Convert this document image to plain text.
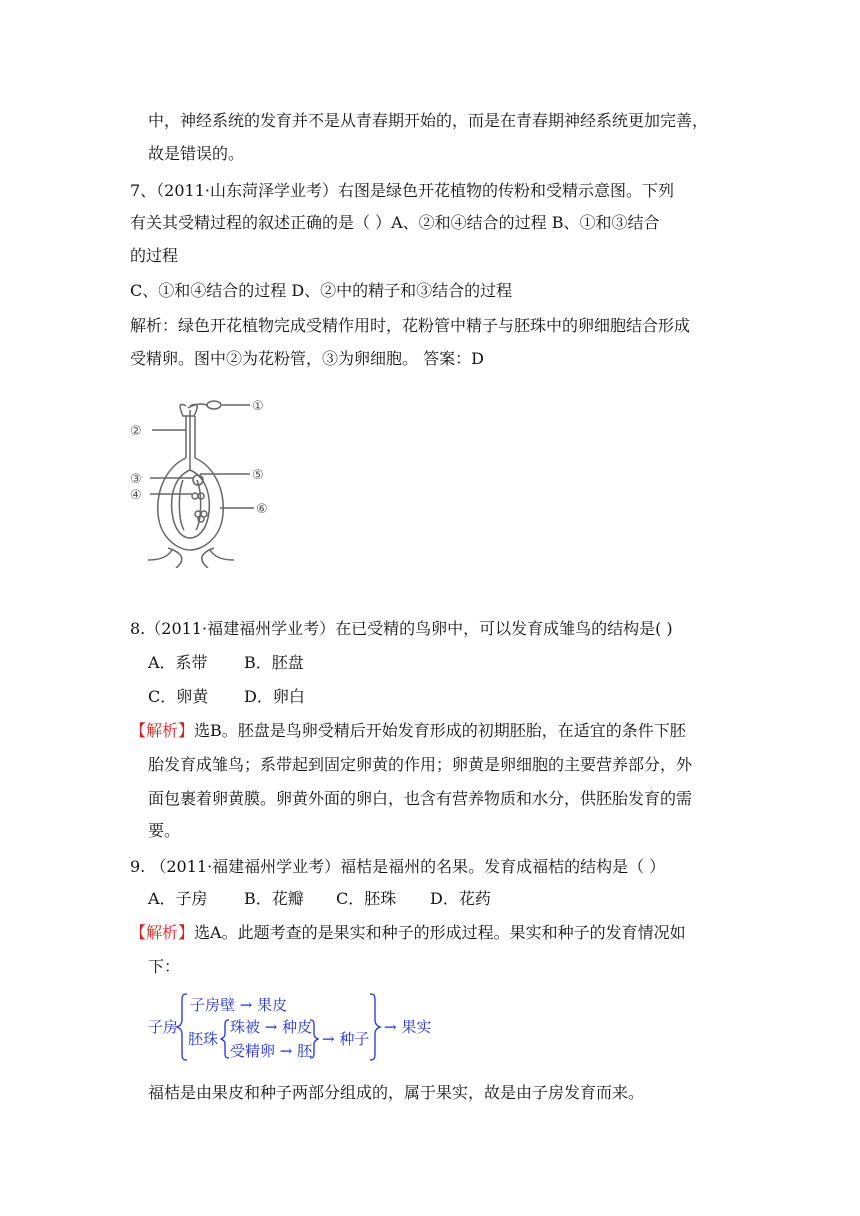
中，神经系统的发育并不是从青春期开始的，而是在青春期神经系统更加完善，
故是错误的。
7、（2011·山东菏泽学业考）右图是绿色开花植物的传粉和受精示意图。下列
有关其受精过程的叙述正确的是（ ）A、②和④结合的过程 B、①和③结合
的过程
C、①和④结合的过程 D、②中的精子和③结合的过程
解析：绿色开花植物完成受精作用时，花粉管中精子与胚珠中的卵细胞结合形成
受精卵。图中②为花粉管，③为卵细胞。 答案：D
①
②
③
④
⑤
⑥
8.（2011·福建福州学业考）在已受精的鸟卵中，可以发育成雏鸟的结构是( )
A．系带 B．胚盘
C．卵黄 D．卵白
【解析】选B。胚盘是鸟卵受精后开始发育形成的初期胚胎，在适宜的条件下胚
胎发育成雏鸟；系带起到固定卵黄的作用；卵黄是卵细胞的主要营养部分，外
面包裹着卵黄膜。卵黄外面的卵白，也含有营养物质和水分，供胚胎发育的需
要。
9. （2011·福建福州学业考）福桔是福州的名果。发育成福桔的结构是（ ）
A．子房 B．花瓣 C．胚珠 D．花药
【解析】选A。此题考查的是果实和种子的形成过程。果实和种子的发育情况如
下：
子房
子房壁 → 果皮
胚珠
珠被 → 种皮
受精卵 → 胚
→ 种子
→ 果实
福桔是由果皮和种子两部分组成的，属于果实，故是由子房发育而来。
